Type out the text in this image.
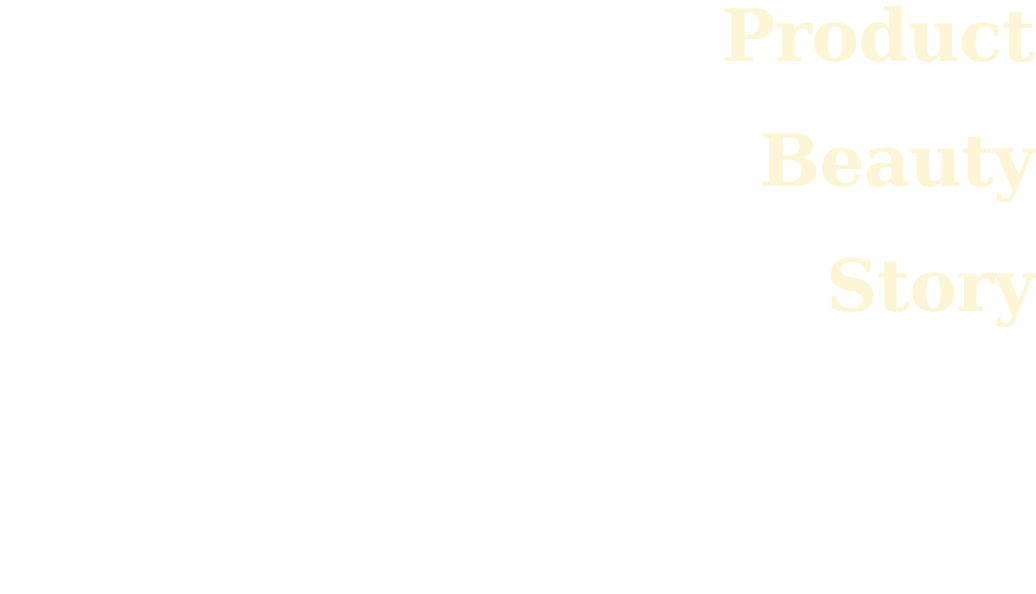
Product
Beauty
Story
